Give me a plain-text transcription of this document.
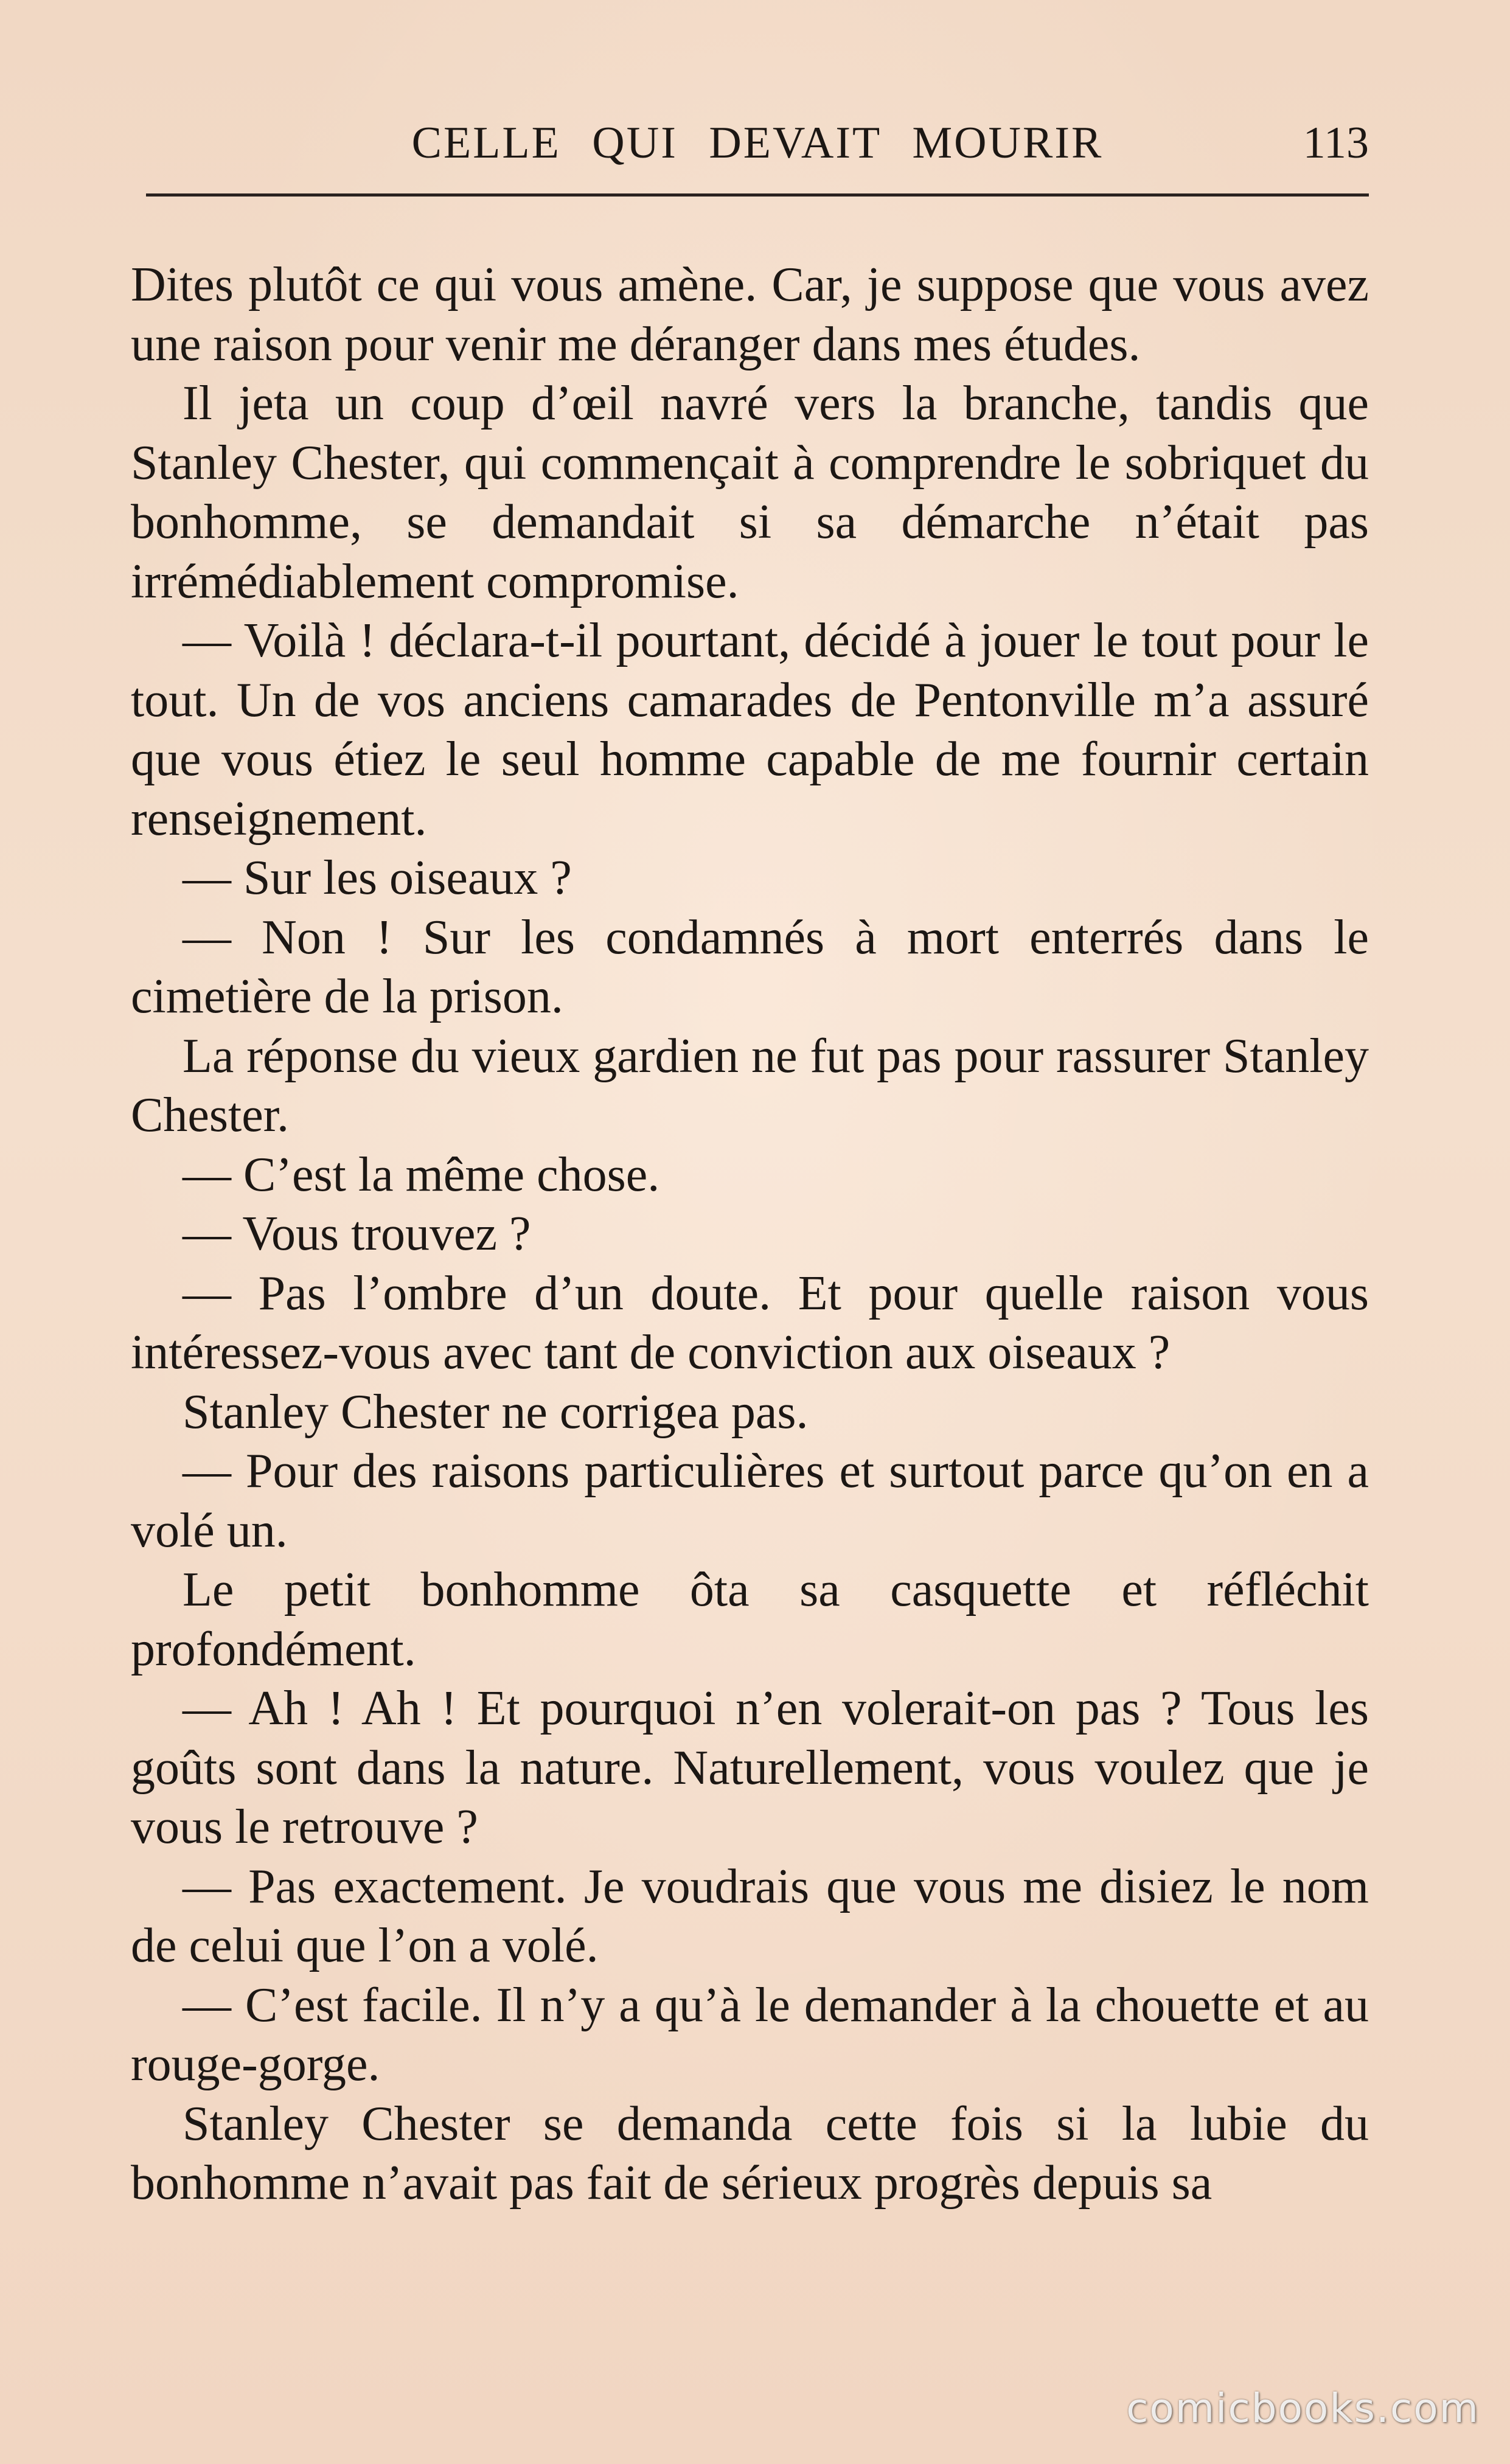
CELLE QUI DEVAIT MOURIR	113

Dites plutôt ce qui vous amène. Car, je suppose que vous avez une raison pour venir me déranger dans mes études.

Il jeta un coup d’œil navré vers la branche, tandis que Stanley Chester, qui commençait à comprendre le sobriquet du bonhomme, se demandait si sa démarche n’était pas irrémédiablement compromise.

— Voilà ! déclara-t-il pourtant, décidé à jouer le tout pour le tout. Un de vos anciens camarades de Pentonville m’a assuré que vous étiez le seul homme capable de me fournir certain renseignement.

— Sur les oiseaux ?

— Non ! Sur les condamnés à mort enterrés dans le cimetière de la prison.

La réponse du vieux gardien ne fut pas pour rassurer Stanley Chester.

— C’est la même chose.

— Vous trouvez ?

— Pas l’ombre d’un doute. Et pour quelle raison vous intéressez-vous avec tant de conviction aux oiseaux ?

Stanley Chester ne corrigea pas.

— Pour des raisons particulières et surtout parce qu’on en a volé un.

Le petit bonhomme ôta sa casquette et réfléchit profondément.

— Ah ! Ah ! Et pourquoi n’en volerait-on pas ? Tous les goûts sont dans la nature. Naturellement, vous voulez que je vous le retrouve ?

— Pas exactement. Je voudrais que vous me disiez le nom de celui que l’on a volé.

— C’est facile. Il n’y a qu’à le demander à la chouette et au rouge-gorge.

Stanley Chester se demanda cette fois si la lubie du bonhomme n’avait pas fait de sérieux progrès depuis sa

comicbooks.com
